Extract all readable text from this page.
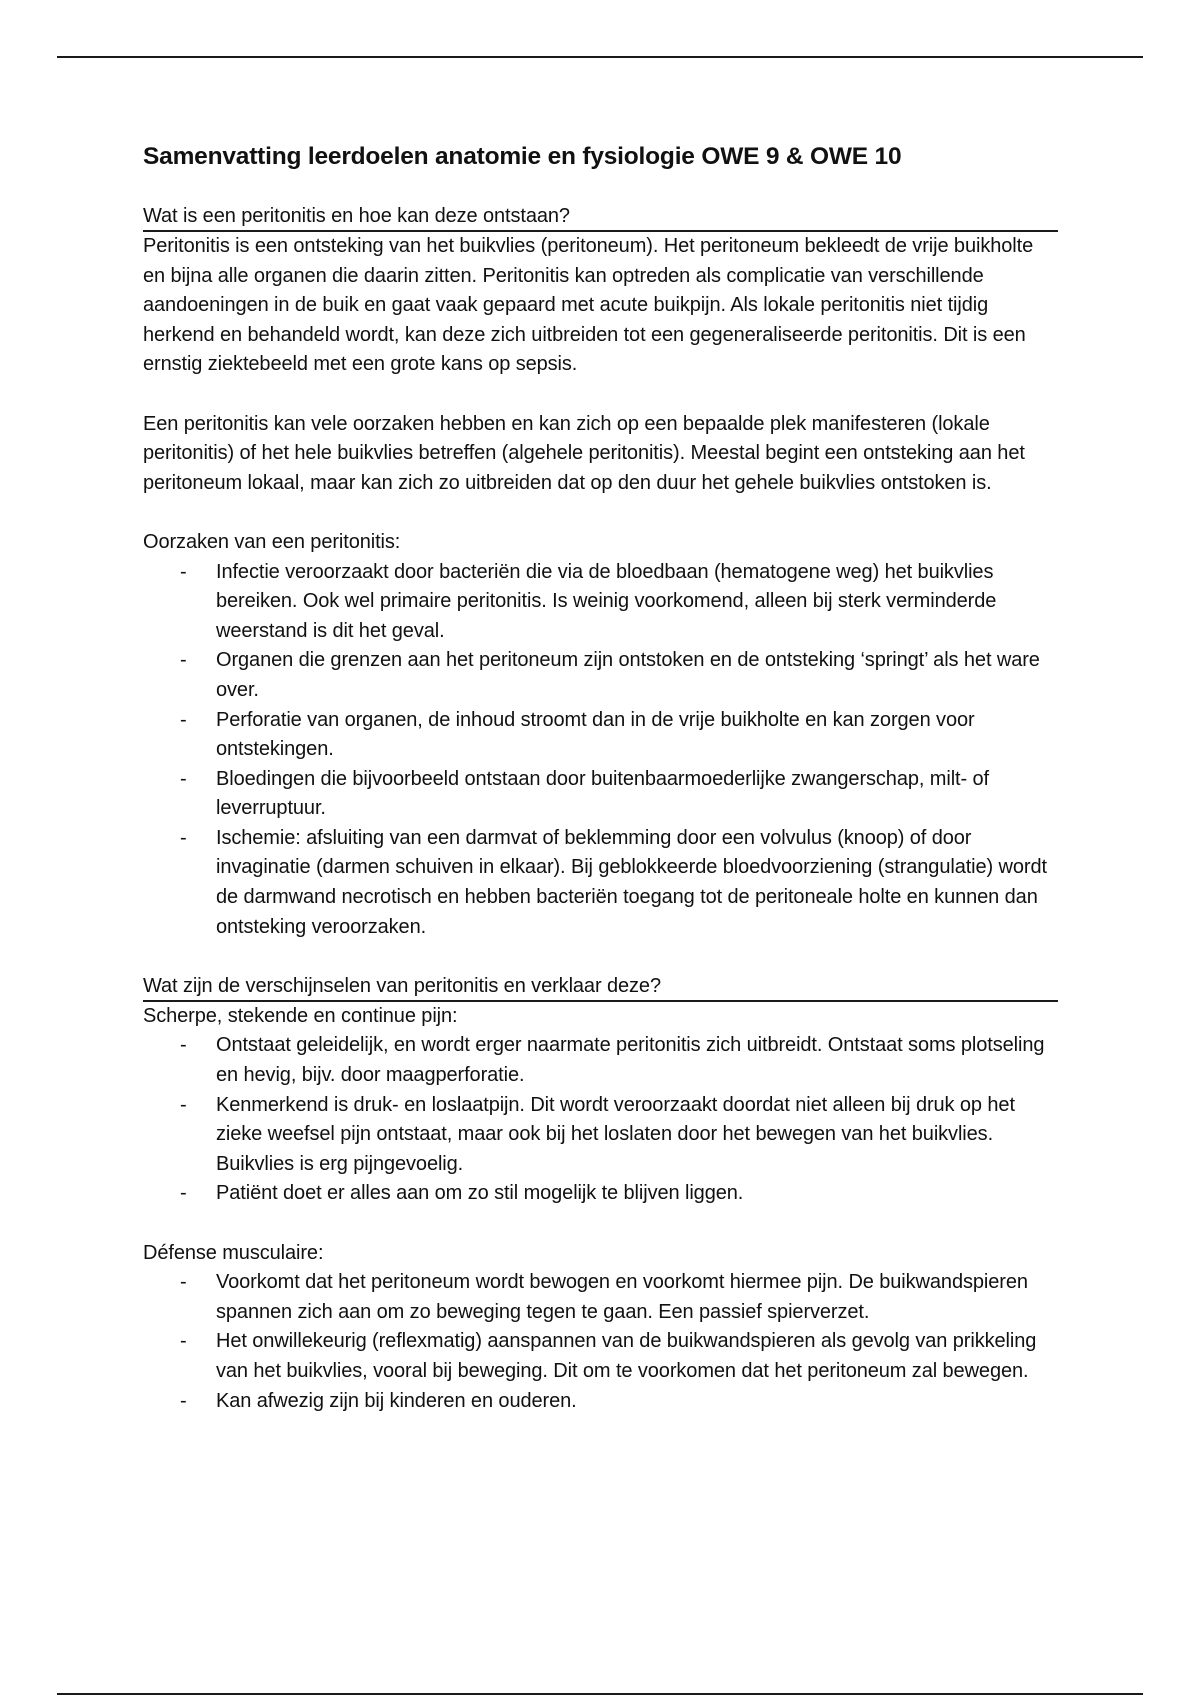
Samenvatting leerdoelen anatomie en fysiologie OWE 9 & OWE 10

Wat is een peritonitis en hoe kan deze ontstaan?

Peritonitis is een ontsteking van het buikvlies (peritoneum). Het peritoneum bekleedt de vrije buikholte en bijna alle organen die daarin zitten. Peritonitis kan optreden als complicatie van verschillende aandoeningen in de buik en gaat vaak gepaard met acute buikpijn. Als lokale peritonitis niet tijdig herkend en behandeld wordt, kan deze zich uitbreiden tot een gegeneraliseerde peritonitis. Dit is een ernstig ziektebeeld met een grote kans op sepsis.

Een peritonitis kan vele oorzaken hebben en kan zich op een bepaalde plek manifesteren (lokale peritonitis) of het hele buikvlies betreffen (algehele peritonitis). Meestal begint een ontsteking aan het peritoneum lokaal, maar kan zich zo uitbreiden dat op den duur het gehele buikvlies ontstoken is.

Oorzaken van een peritonitis:

- Infectie veroorzaakt door bacteriën die via de bloedbaan (hematogene weg) het buikvlies bereiken. Ook wel primaire peritonitis. Is weinig voorkomend, alleen bij sterk verminderde weerstand is dit het geval.
- Organen die grenzen aan het peritoneum zijn ontstoken en de ontsteking ‘springt’ als het ware over.
- Perforatie van organen, de inhoud stroomt dan in de vrije buikholte en kan zorgen voor ontstekingen.
- Bloedingen die bijvoorbeeld ontstaan door buitenbaarmoederlijke zwangerschap, milt- of leverruptuur.
- Ischemie: afsluiting van een darmvat of beklemming door een volvulus (knoop) of door invaginatie (darmen schuiven in elkaar). Bij geblokkeerde bloedvoorziening (strangulatie) wordt de darmwand necrotisch en hebben bacteriën toegang tot de peritoneale holte en kunnen dan ontsteking veroorzaken.

Wat zijn de verschijnselen van peritonitis en verklaar deze?

Scherpe, stekende en continue pijn:

- Ontstaat geleidelijk, en wordt erger naarmate peritonitis zich uitbreidt. Ontstaat soms plotseling en hevig, bijv. door maagperforatie.
- Kenmerkend is druk- en loslaatpijn. Dit wordt veroorzaakt doordat niet alleen bij druk op het zieke weefsel pijn ontstaat, maar ook bij het loslaten door het bewegen van het buikvlies. Buikvlies is erg pijngevoelig.
- Patiënt doet er alles aan om zo stil mogelijk te blijven liggen.

Défense musculaire:

- Voorkomt dat het peritoneum wordt bewogen en voorkomt hiermee pijn. De buikwandspieren spannen zich aan om zo beweging tegen te gaan. Een passief spierverzet.
- Het onwillekeurig (reflexmatig) aanspannen van de buikwandspieren als gevolg van prikkeling van het buikvlies, vooral bij beweging. Dit om te voorkomen dat het peritoneum zal bewegen.
- Kan afwezig zijn bij kinderen en ouderen.
